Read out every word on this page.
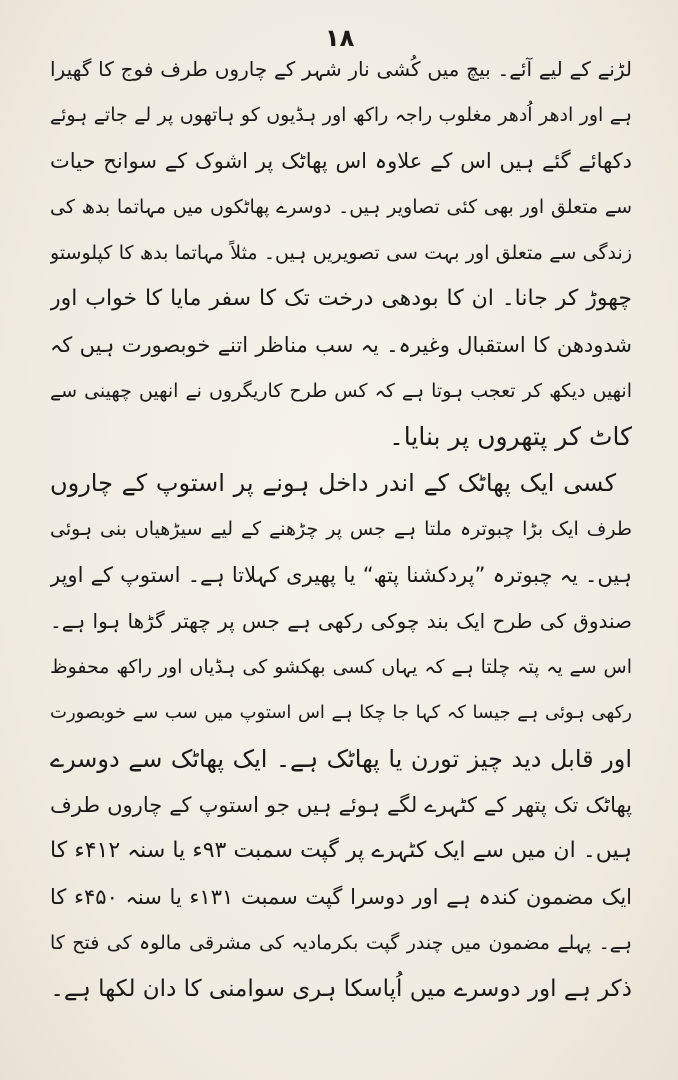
۱۸
لڑنے کے لیے آئے۔ بیچ میں کُشی نار شہر کے چاروں طرف فوج کا گھیرا
ہے اور ادھر اُدھر مغلوب راجہ راکھ اور ہڈیوں کو ہاتھوں پر لے جاتے ہوئے
دکھائے گئے ہیں اس کے علاوہ اس پھاٹک پر اشوک کے سوانح حیات
سے متعلق اور بھی کئی تصاویر ہیں۔ دوسرے پھاٹکوں میں مہاتما بدھ کی
زندگی سے متعلق اور بہت سی تصویریں ہیں۔ مثلاً مہاتما بدھ کا کپلوستو
چھوڑ کر جانا۔ ان کا بودھی درخت تک کا سفر مایا کا خواب اور
شدودھن کا استقبال وغیرہ۔ یہ سب مناظر اتنے خوبصورت ہیں کہ
انھیں دیکھ کر تعجب ہوتا ہے کہ کس طرح کاریگروں نے انھیں چھینی سے
کاٹ کر پتھروں پر بنایا۔
کسی ایک پھاٹک کے اندر داخل ہونے پر استوپ کے چاروں
طرف ایک بڑا چبوترہ ملتا ہے جس پر چڑھنے کے لیے سیڑھیاں بنی ہوئی
ہیں۔ یہ چبوترہ ”پردکشنا پتھ“ یا پھیری کہلاتا ہے۔ استوپ کے اوپر
صندوق کی طرح ایک بند چوکی رکھی ہے جس پر چھتر گڑھا ہوا ہے۔
اس سے یہ پتہ چلتا ہے کہ یہاں کسی بھکشو کی ہڈیاں اور راکھ محفوظ
رکھی ہوئی ہے جیسا کہ کہا جا چکا ہے اس استوپ میں سب سے خوبصورت
اور قابل دید چیز تورن یا پھاٹک ہے۔ ایک پھاٹک سے دوسرے
پھاٹک تک پتھر کے کٹہرے لگے ہوئے ہیں جو استوپ کے چاروں طرف
ہیں۔ ان میں سے ایک کٹہرے پر گپت سمبت ۹۳ء یا سنہ ۴۱۲ء کا
ایک مضمون کندہ ہے اور دوسرا گپت سمبت ۱۳۱ء یا سنہ ۴۵۰ء کا
ہے۔ پہلے مضمون میں چندر گپت بکرمادیہ کی مشرقی مالوہ کی فتح کا
ذکر ہے اور دوسرے میں اُپاسکا ہری سوامنی کا دان لکھا ہے۔
